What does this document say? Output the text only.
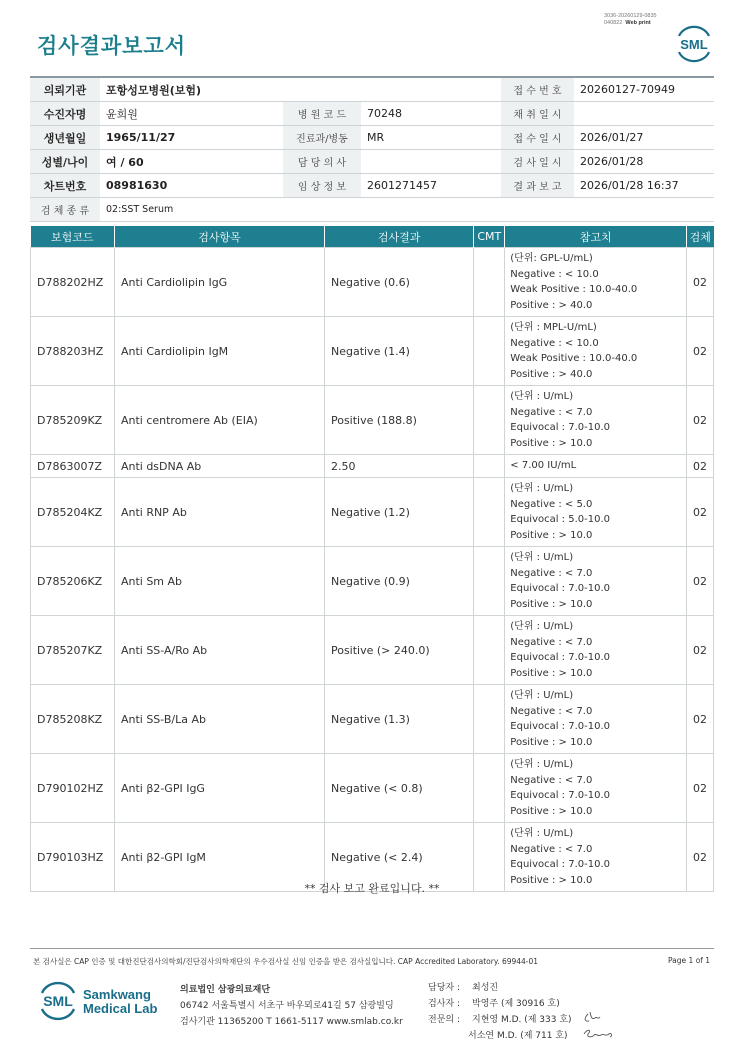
3036-20260129-0835
040822 Web print
검사결과보고서	SML
의뢰기관	포항성모병원(보험)			접 수 번 호	20260127-70949
수진자명	윤희원	병 원 코 드	70248	채 취 일 시	
생년월일	1965/11/27	진료과/병동	MR	접 수 일 시	2026/01/27
성별/나이	여 / 60	담 당 의 사		검 사 일 시	2026/01/28
차트번호	08981630	임 상 정 보	2601271457	결 과 보 고	2026/01/28 16:37
검 체 종 류	02:SST Serum				
보험코드	검사항목	검사결과	CMT	참고치	검체
D788202HZ	Anti Cardiolipin IgG	Negative (0.6)		(단위: GPL-U/mL)
Negative : < 10.0
Weak Positive : 10.0-40.0
Positive : > 40.0	02
D788203HZ	Anti Cardiolipin IgM	Negative (1.4)		(단위 : MPL-U/mL)
Negative : < 10.0
Weak Positive : 10.0-40.0
Positive : > 40.0	02
D785209KZ	Anti centromere Ab (EIA)	Positive (188.8)		(단위 : U/mL)
Negative : < 7.0
Equivocal : 7.0-10.0
Positive : > 10.0	02
D7863007Z	Anti dsDNA Ab	2.50		< 7.00 IU/mL	02
D785204KZ	Anti RNP Ab	Negative (1.2)		(단위 : U/mL)
Negative : < 5.0
Equivocal : 5.0-10.0
Positive : > 10.0	02
D785206KZ	Anti Sm Ab	Negative (0.9)		(단위 : U/mL)
Negative : < 7.0
Equivocal : 7.0-10.0
Positive : > 10.0	02
D785207KZ	Anti SS-A/Ro Ab	Positive (> 240.0)		(단위 : U/mL)
Negative : < 7.0
Equivocal : 7.0-10.0
Positive : > 10.0	02
D785208KZ	Anti SS-B/La Ab	Negative (1.3)		(단위 : U/mL)
Negative : < 7.0
Equivocal : 7.0-10.0
Positive : > 10.0	02
D790102HZ	Anti β2-GPI IgG	Negative (< 0.8)		(단위 : U/mL)
Negative : < 7.0
Equivocal : 7.0-10.0
Positive : > 10.0	02
D790103HZ	Anti β2-GPI IgM	Negative (< 2.4)		(단위 : U/mL)
Negative : < 7.0
Equivocal : 7.0-10.0
Positive : > 10.0	02
** 검사 보고 완료입니다. **
본 검사실은 CAP 인증 및 대한진단검사의학회/진단검사의학재단의 우수검사실 신임 인증을 받은 검사실입니다. CAP Accredited Laboratory. 69944-01	Page 1 of 1
SML Samkwang
Medical Lab
의료법인 삼광의료재단
06742 서울특별시 서초구 바우뫼로41길 57 삼광빌딩
검사기관 11365200 T 1661-5117 www.smlab.co.kr
담당자 : 최성진
검사자 : 박영주 (제 30916 호)
전문의 : 지현영 M.D. (제 333 호)
서소연 M.D. (제 711 호)
